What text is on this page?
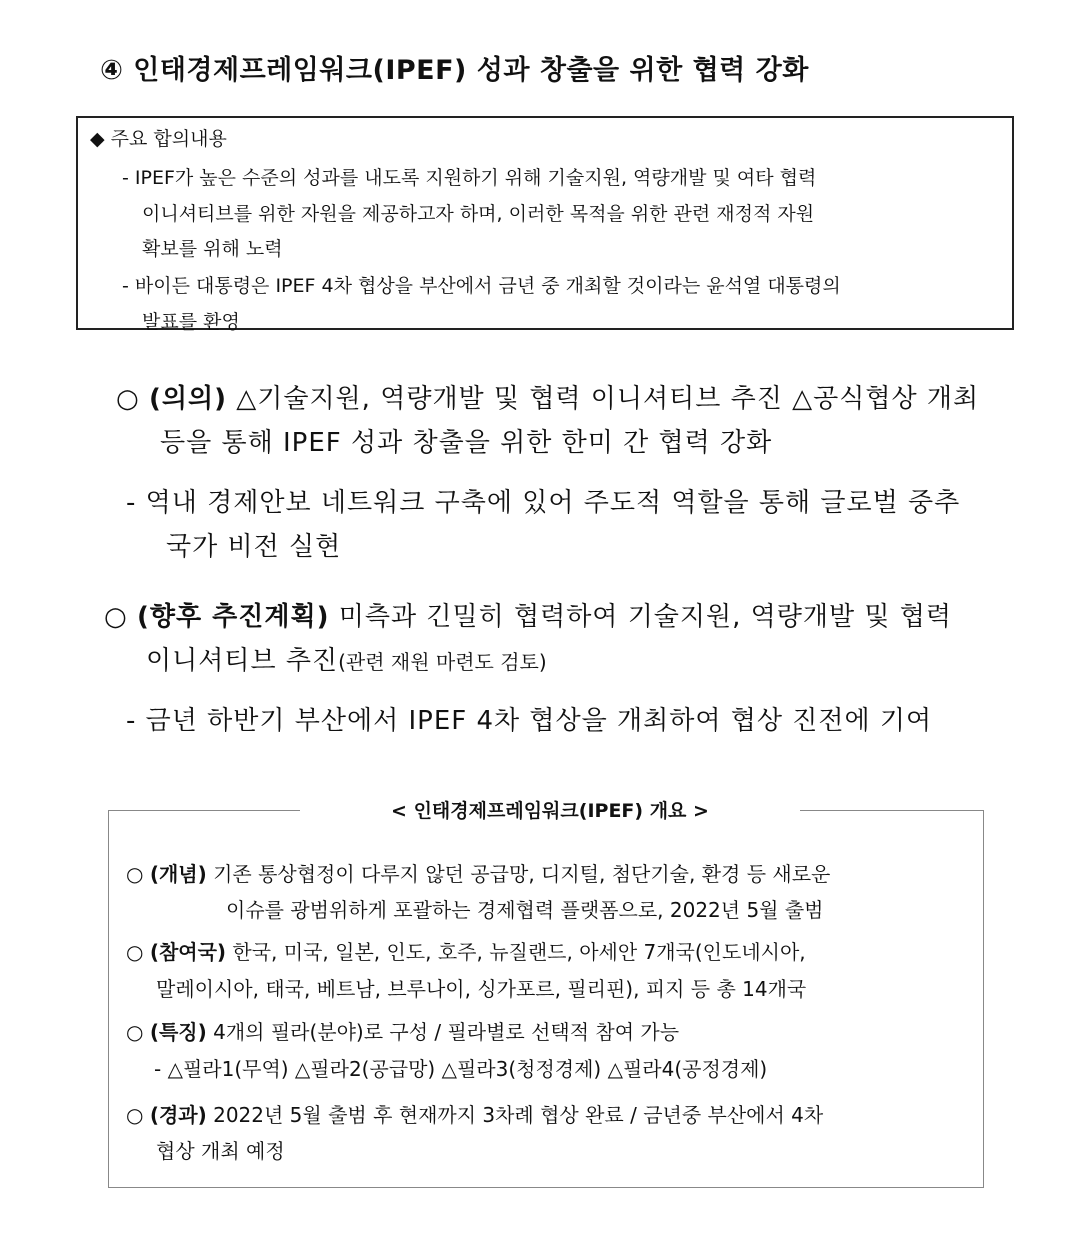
④ 인태경제프레임워크(IPEF) 성과 창출을 위한 협력 강화
◆ 주요 합의내용
- IPEF가 높은 수준의 성과를 내도록 지원하기 위해 기술지원, 역량개발 및 여타 협력
이니셔티브를 위한 자원을 제공하고자 하며, 이러한 목적을 위한 관련 재정적 자원
확보를 위해 노력
- 바이든 대통령은 IPEF 4차 협상을 부산에서 금년 중 개최할 것이라는 윤석열 대통령의
발표를 환영
○ (의의) △기술지원, 역량개발 및 협력 이니셔티브 추진 △공식협상 개최
등을 통해 IPEF 성과 창출을 위한 한미 간 협력 강화
- 역내 경제안보 네트워크 구축에 있어 주도적 역할을 통해 글로벌 중추
국가 비전 실현
○ (향후 추진계획) 미측과 긴밀히 협력하여 기술지원, 역량개발 및 협력
이니셔티브 추진(관련 재원 마련도 검토)
- 금년 하반기 부산에서 IPEF 4차 협상을 개최하여 협상 진전에 기여
< 인태경제프레임워크(IPEF) 개요 >
○ (개념) 기존 통상협정이 다루지 않던 공급망, 디지털, 첨단기술, 환경 등 새로운
이슈를 광범위하게 포괄하는 경제협력 플랫폼으로, 2022년 5월 출범
○ (참여국) 한국, 미국, 일본, 인도, 호주, 뉴질랜드, 아세안 7개국(인도네시아,
말레이시아, 태국, 베트남, 브루나이, 싱가포르, 필리핀), 피지 등 총 14개국
○ (특징) 4개의 필라(분야)로 구성 / 필라별로 선택적 참여 가능
- △필라1(무역) △필라2(공급망) △필라3(청정경제) △필라4(공정경제)
○ (경과) 2022년 5월 출범 후 현재까지 3차례 협상 완료 / 금년중 부산에서 4차
협상 개최 예정
